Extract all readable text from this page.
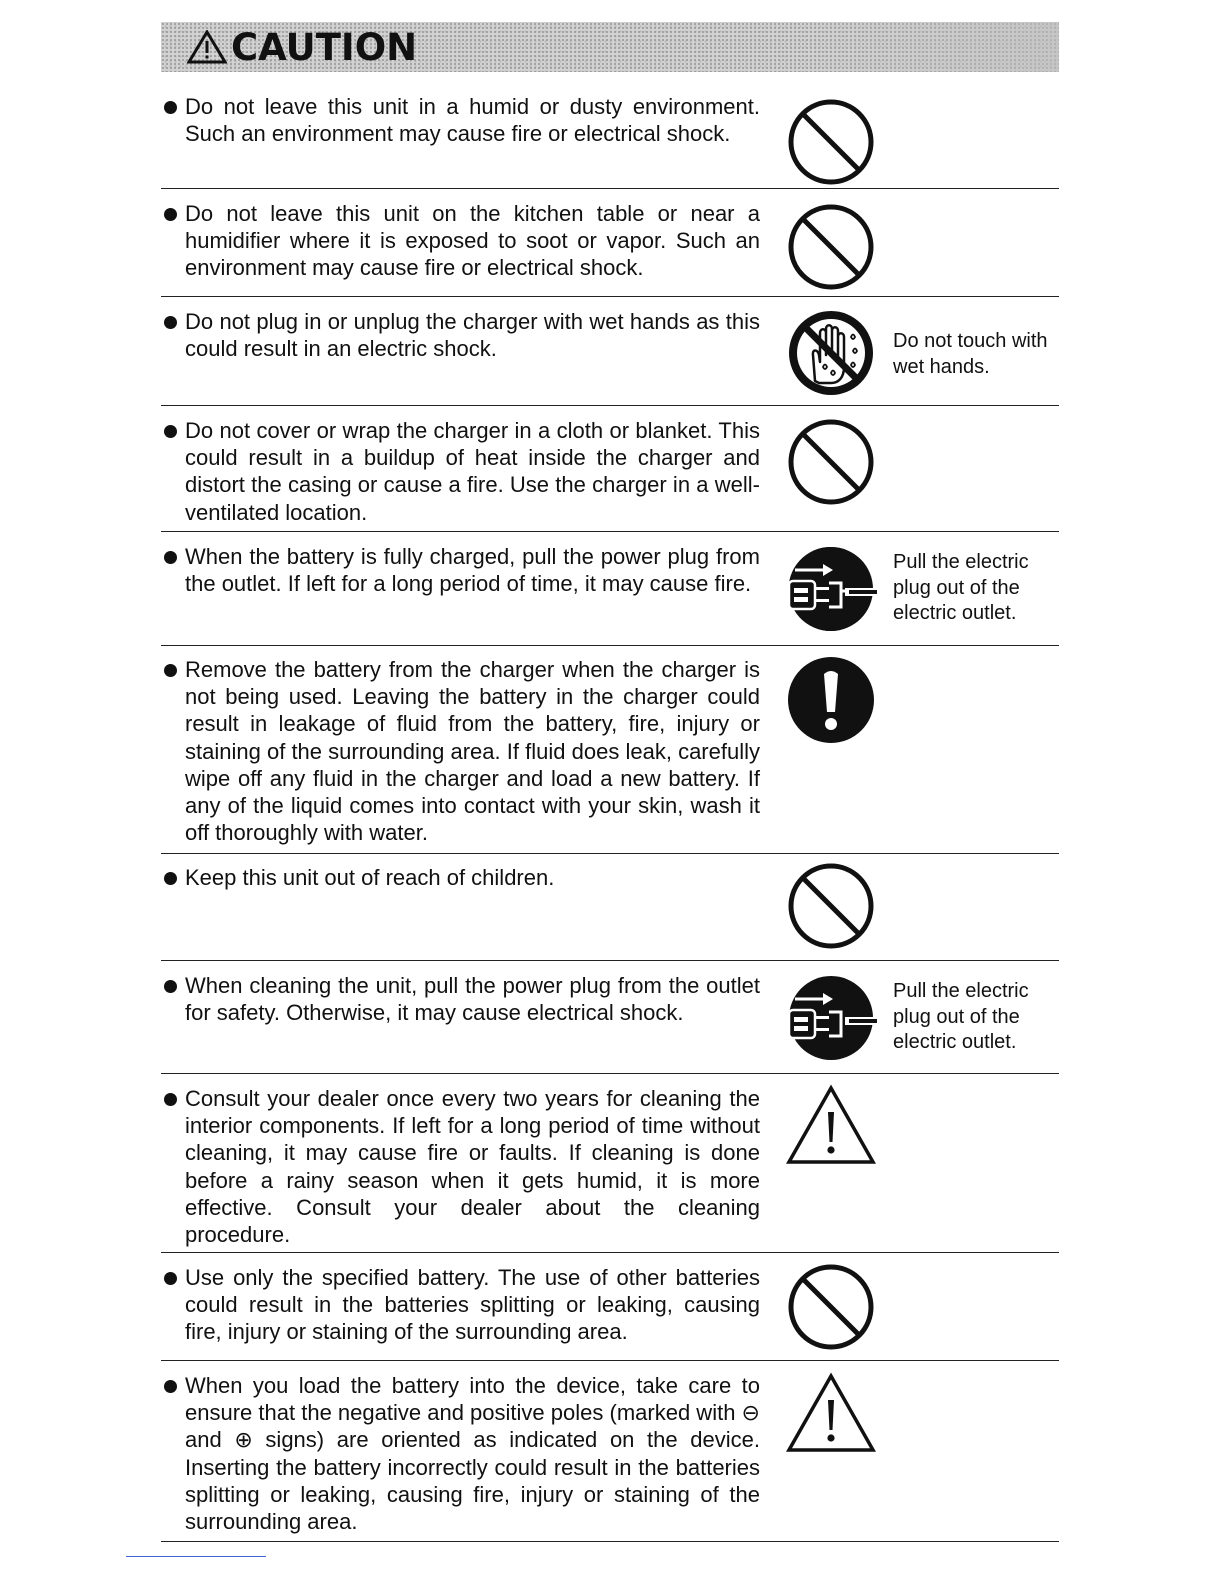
CAUTION
Do not leave this unit in a humid or dusty environment. Such an environment may cause fire or electrical shock.
Do not leave this unit on the kitchen table or near a humidifier where it is exposed to soot or vapor. Such an environment may cause fire or electrical shock.
Do not plug in or unplug the charger with wet hands as this could result in an electric shock.	Do not touch with wet hands.
Do not cover or wrap the charger in a cloth or blanket. This could result in a buildup of heat inside the charger and distort the casing or cause a fire. Use the charger in a well-ventilated location.
When the battery is fully charged, pull the power plug from the outlet. If left for a long period of time, it may cause fire.
Pull the electric plug out of the electric outlet.
Remove the battery from the charger when the charger is not being used. Leaving the battery in the charger could result in leakage of fluid from the battery, fire, injury or staining of the surrounding area. If fluid does leak, carefully wipe off any fluid in the charger and load a new battery. If any of the liquid comes into contact with your skin, wash it off thoroughly with water.
Keep this unit out of reach of children.
When cleaning the unit, pull the power plug from the outlet for safety. Otherwise, it may cause electrical shock.
Pull the electric plug out of the electric outlet.
Consult your dealer once every two years for cleaning the interior components. If left for a long period of time without cleaning, it may cause fire or faults. If cleaning is done before a rainy season when it gets humid, it is more effective. Consult your dealer about the cleaning procedure.
Use only the specified battery. The use of other batteries could result in the batteries splitting or leaking, causing fire, injury or staining of the surrounding area.
When you load the battery into the device, take care to ensure that the negative and positive poles (marked with ⊖ and ⊕ signs) are oriented as indicated on the device. Inserting the battery incorrectly could result in the batteries splitting or leaking, causing fire, injury or staining of the surrounding area.
